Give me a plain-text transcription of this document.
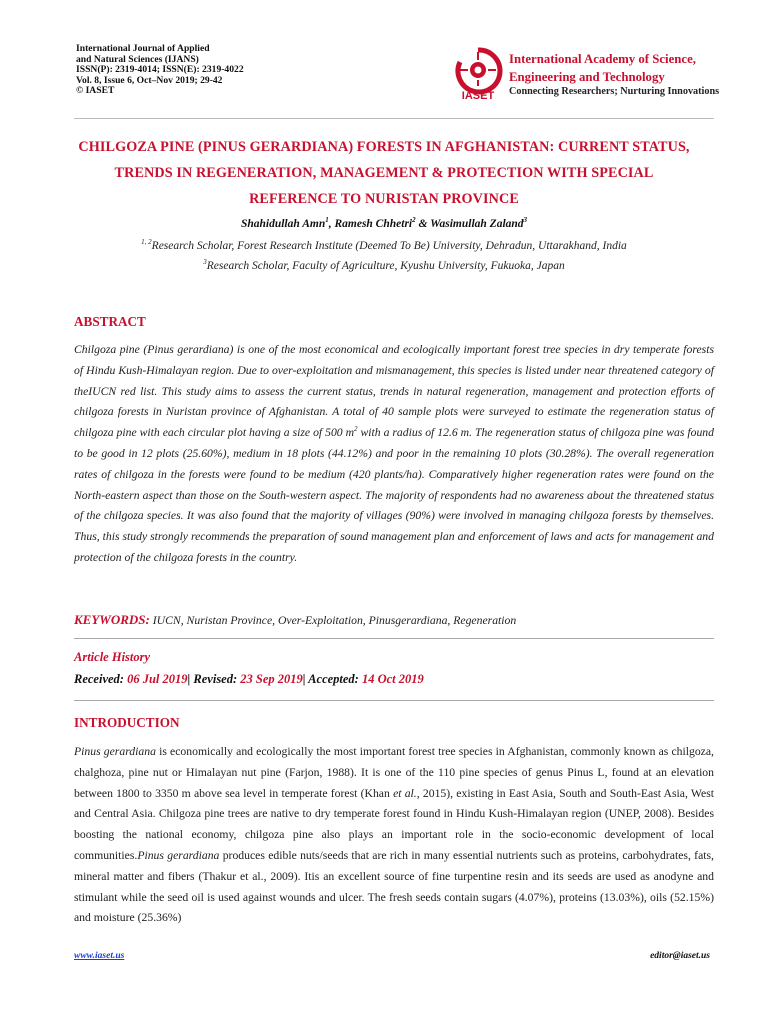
International Journal of Applied
and Natural Sciences (IJANS)
ISSN(P): 2319-4014; ISSN(E): 2319-4022
Vol. 8, Issue 6, Oct–Nov 2019; 29-42
© IASET	IASET
International Academy of Science,
Engineering and Technology
Connecting Researchers; Nurturing Innovations
CHILGOZA PINE (PINUS GERARDIANA) FORESTS IN AFGHANISTAN: CURRENT STATUS, TRENDS IN REGENERATION, MANAGEMENT & PROTECTION WITH SPECIAL REFERENCE TO NURISTAN PROVINCE
Shahidullah Amn$^1$, Ramesh Chhetri$^2$ & Wasimullah Zaland$^3$
$^{1, 2}$Research Scholar, Forest Research Institute (Deemed To Be) University, Dehradun, Uttarakhand, India
$^3$Research Scholar, Faculty of Agriculture, Kyushu University, Fukuoka, Japan
ABSTRACT

Chilgoza pine (Pinus gerardiana) is one of the most economical and ecologically important forest tree species in dry temperate forests of Hindu Kush-Himalayan region. Due to over-exploitation and mismanagement, this species is listed under near threatened category of theIUCN red list. This study aims to assess the current status, trends in natural regeneration, management and protection efforts of chilgoza forests in Nuristan province of Afghanistan. A total of 40 sample plots were surveyed to estimate the regeneration status of chilgoza pine with each circular plot having a size of 500 $m^2$ with a radius of 12.6 m. The regeneration status of chilgoza pine was found to be good in 12 plots (25.60%), medium in 18 plots (44.12%) and poor in the remaining 10 plots (30.28%). The overall regeneration rates of chilgoza in the forests were found to be medium (420 plants/ha). Comparatively higher regeneration rates were found on the North-eastern aspect than those on the South-western aspect. The majority of respondents had no awareness about the threatened status of the chilgoza species. It was also found that the majority of villages (90%) were involved in managing chilgoza forests by themselves. Thus, this study strongly recommends the preparation of sound management plan and enforcement of laws and acts for management and protection of the chilgoza forests in the country.

KEYWORDS: IUCN, Nuristan Province, Over-Exploitation, Pinusgerardiana, Regeneration
Article History
Received: 06 Jul 2019| Revised: 23 Sep 2019| Accepted: 14 Oct 2019
INTRODUCTION

Pinus gerardiana is economically and ecologically the most important forest tree species in Afghanistan, commonly known as chilgoza, chalghoza, pine nut or Himalayan nut pine (Farjon, 1988). It is one of the 110 pine species of genus Pinus L, found at an elevation between 1800 to 3350 m above sea level in temperate forest (Khan et al., 2015), existing in East Asia, South and South-East Asia, West and Central Asia. Chilgoza pine trees are native to dry temperate forest found in Hindu Kush-Himalayan region (UNEP, 2008). Besides boosting the national economy, chilgoza pine also plays an important role in the socio-economic development of local communities.Pinus gerardiana produces edible nuts/seeds that are rich in many essential nutrients such as proteins, carbohydrates, fats, mineral matter and fibers (Thakur et al., 2009). Itis an excellent source of fine turpentine resin and its seeds are used as anodyne and stimulant while the seed oil is used against wounds and ulcer. The fresh seeds contain sugars (4.07%), proteins (13.03%), oils (52.15%) and moisture (25.36%)

www.iaset.us	editor@iaset.us
